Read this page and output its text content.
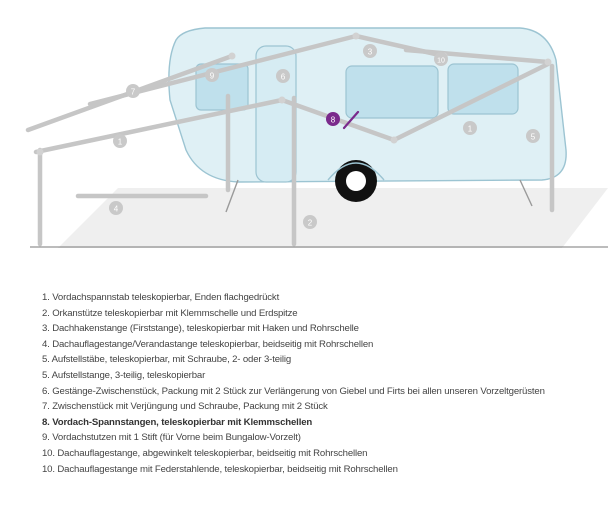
1
1
2
3
4
5
6
7
8
9
10
1. Vordachspannstab teleskopierbar, Enden flachgedrückt
2. Orkanstütze teleskopierbar mit Klemmschelle und Erdspitze
3. Dachhakenstange (Firststange), teleskopierbar mit Haken und Rohrschelle
4. Dachauflagestange/Verandastange teleskopierbar, beidseitig mit Rohrschellen
5. Aufstellstäbe, teleskopierbar, mit Schraube, 2- oder 3-teilig
5. Aufstellstange, 3-teilig, teleskopierbar
6. Gestänge-Zwischenstück, Packung mit 2 Stück zur Verlängerung von Giebel und Firts bei allen unseren Vorzeltgerüsten
7. Zwischenstück mit Verjüngung und Schraube, Packung mit 2 Stück
8. Vordach-Spannstangen, teleskopierbar mit Klemmschellen
9. Vordachstutzen mit 1 Stift (für Vorne beim Bungalow-Vorzelt)
10. Dachauflagestange, abgewinkelt teleskopierbar, beidseitig mit Rohrschellen
10. Dachauflagestange mit Federstahlende, teleskopierbar, beidseitig mit Rohrschellen
